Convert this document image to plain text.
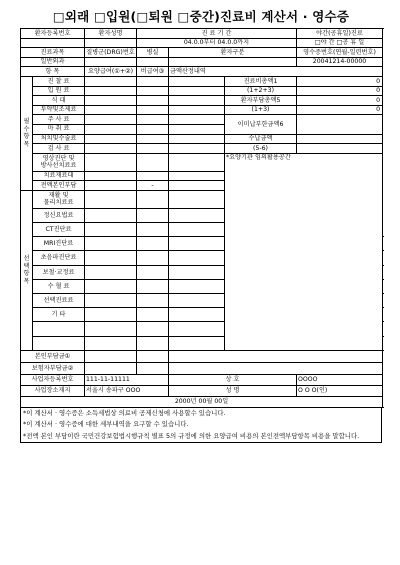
□외래 □입원(□퇴원 □중간)진료비 계산서 · 영수증
환자등록번호		환자성명	진 료 기 간			야간(공휴일)진료	
			04.0.0부터 04.0.0까지			□야 간 □공 휴 일	
진료과목		질병군(DRG)번호	병실	환자구분		영수증번호(연월-일련번호)	
일반외과						20041214-00000	
항 목		요양급여(①+②)	비급여③	금액산정내역			
필 수 항 목	진 찰 료				진료비총액1	0	
	입 원 료				(1+2+3)	0	
	식 대				환자부담총액5	0	
	투약및조제료				(1+3)	0	
	주 사 료				이미납부한금액6		
	마 취 료						
	처치및수술료				수납금액		
	검 사 료				(5-6)		
	영상진단 및
방사선치료료				*요양기관 임의활용공간		
	치료재료대						
	전액본인부담		-				
선 택 항 목	재활 및
물리치료료						
	정신요법료						
	CT진단료						
	MRI진단료						
	초음파진단료						
	보철·교정료						
	수 혈 료						
	선택진료료						
	기 타						

본인부담금①							
보험자부담금②							
사업자등록번호		111-11-11111		상 호		OOOO	
사업장소재지		서울시 송파구 OOO		성 명		O O O(인)	
2000년 00월 00일							
*이 계산서 · 영수증은 소득세법상 의료비 공제신청에 사용할수 있습니다.
*이 계산서 · 영수증에 대한 세부내역을 요구할 수 있습니다.
*전액 본인 부담이란 국민건강보험법시행규칙 별표 5의 규정에 의한 요양급여 비용의 본인전액부담항목 비용을 말합니다.
